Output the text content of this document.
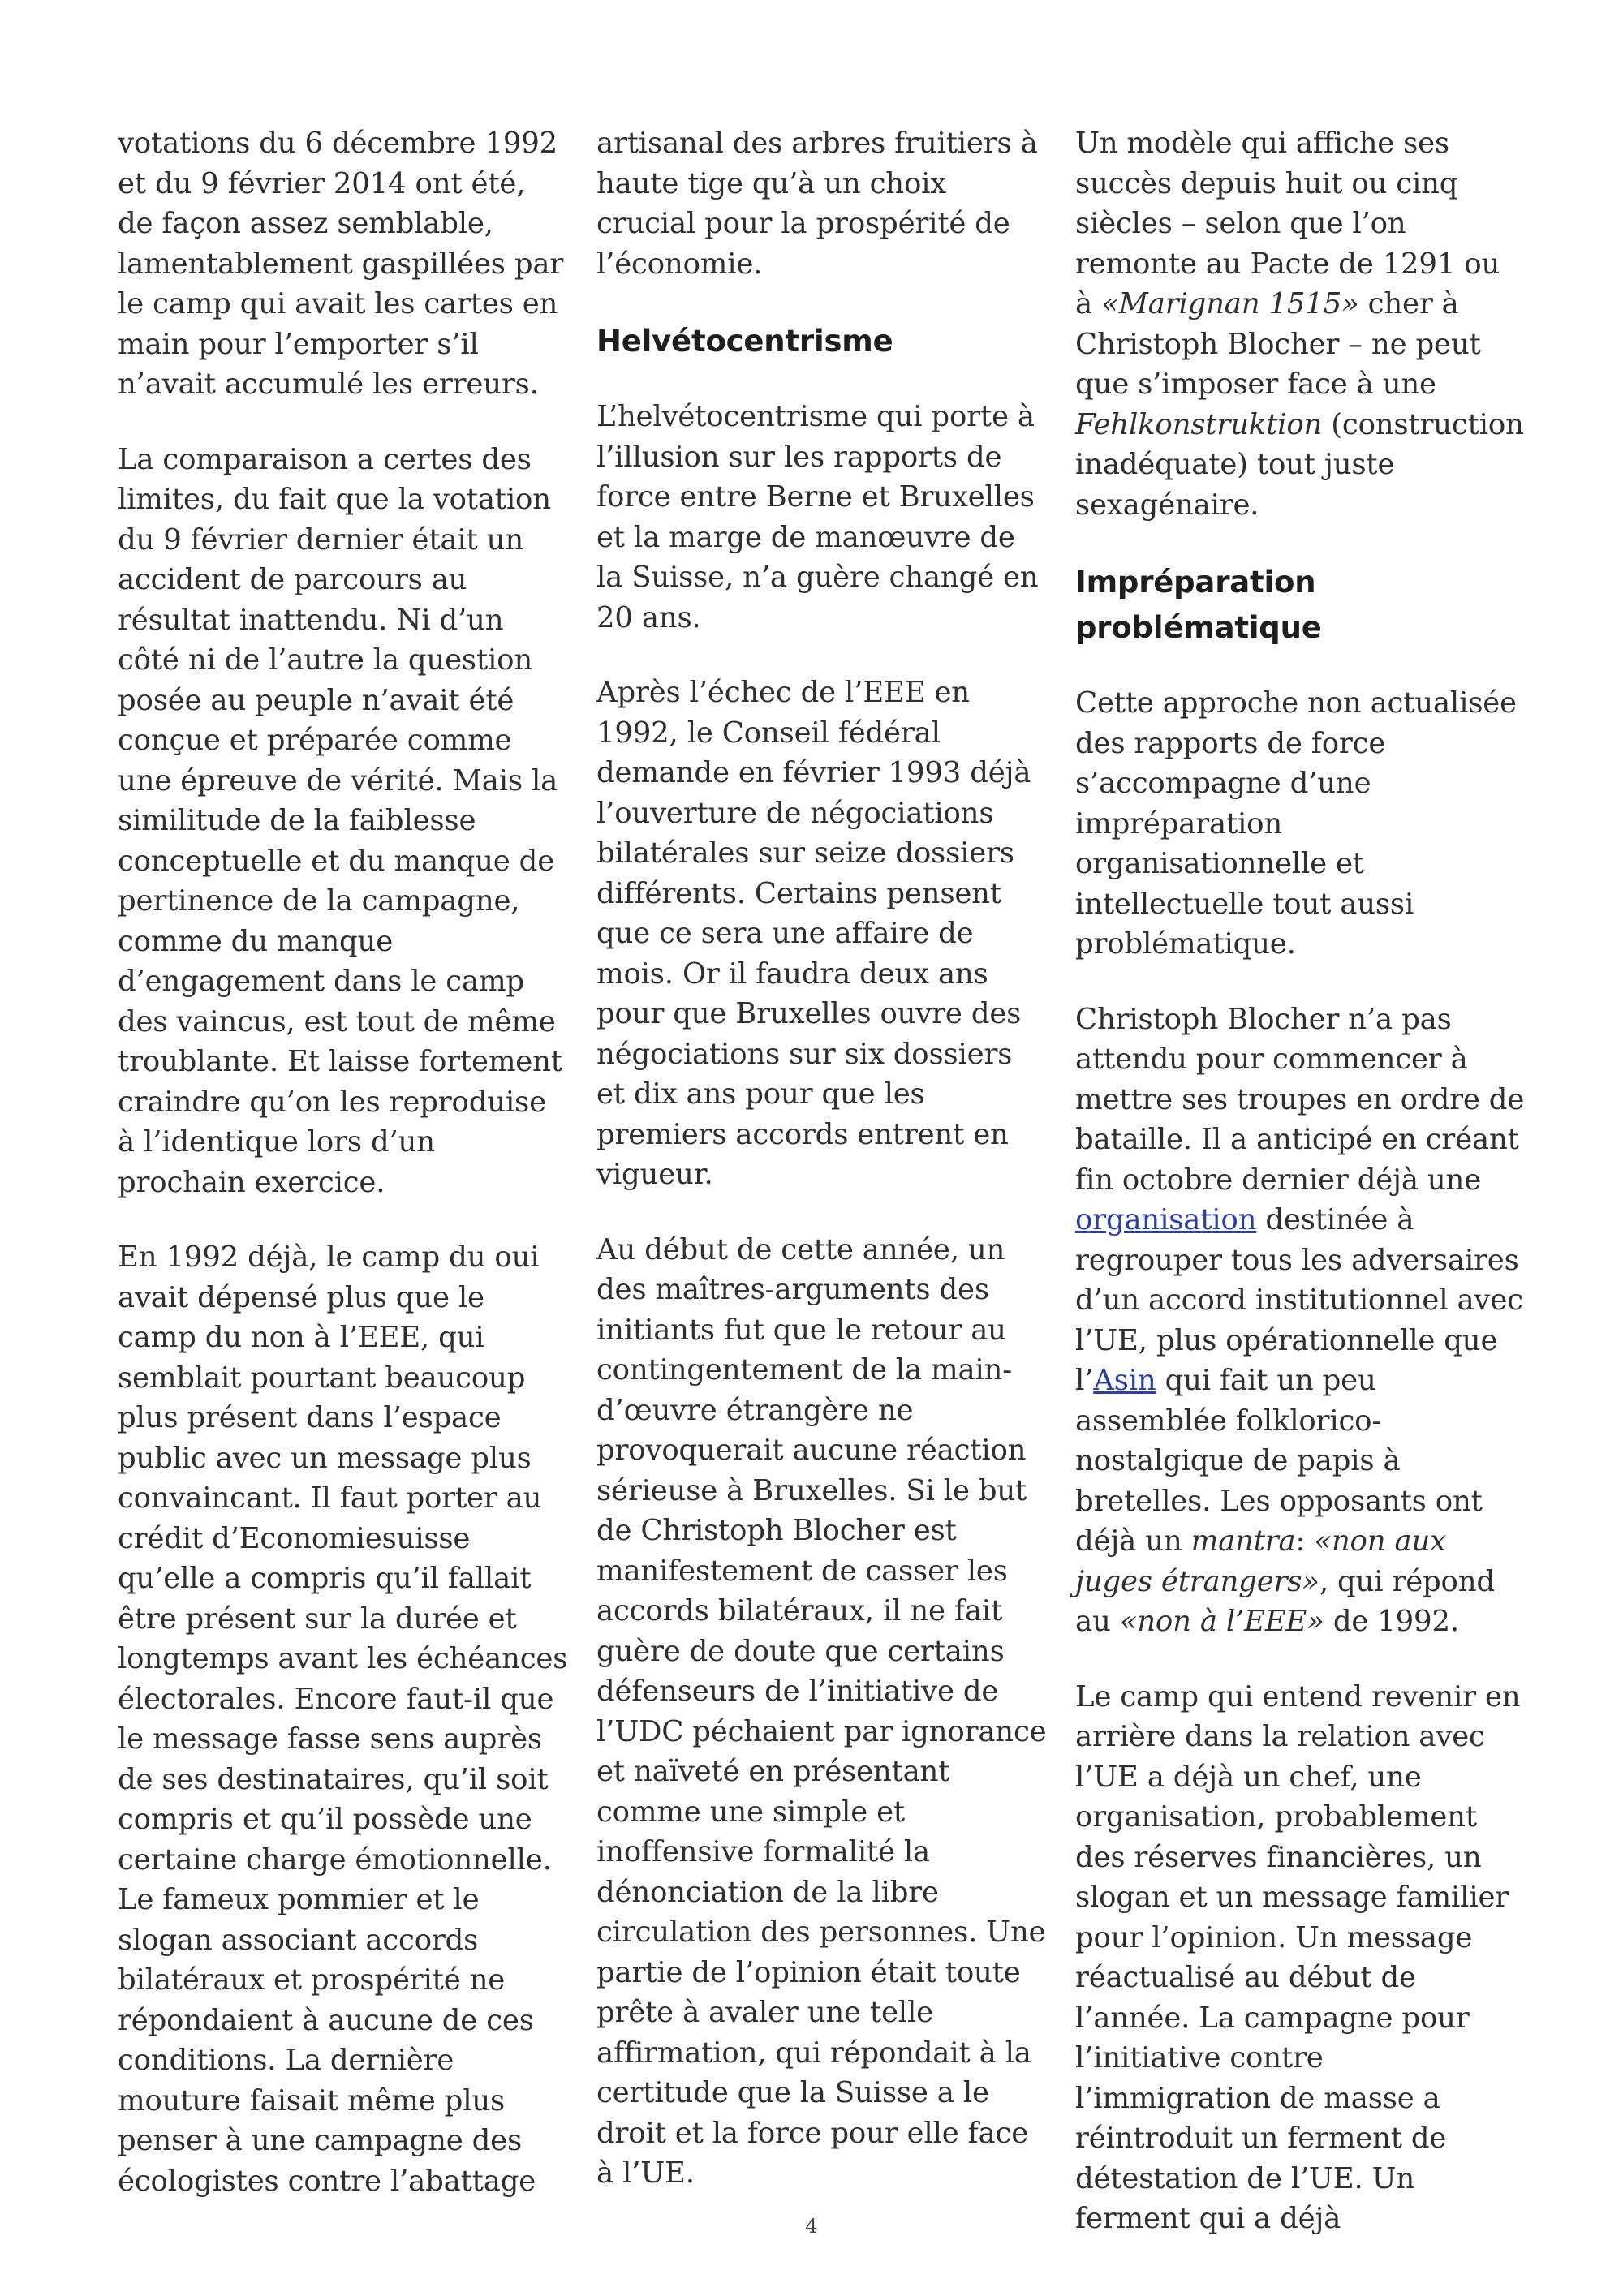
votations du 6 décembre 1992 et du 9 février 2014 ont été, de façon assez semblable, lamentablement gaspillées par le camp qui avait les cartes en main pour l’emporter s’il n’avait accumulé les erreurs.

La comparaison a certes des limites, du fait que la votation du 9 février dernier était un accident de parcours au résultat inattendu. Ni d’un côté ni de l’autre la question posée au peuple n’avait été conçue et préparée comme une épreuve de vérité. Mais la similitude de la faiblesse conceptuelle et du manque de pertinence de la campagne, comme du manque d’engagement dans le camp des vaincus, est tout de même troublante. Et laisse fortement craindre qu’on les reproduise à l’identique lors d’un prochain exercice.

En 1992 déjà, le camp du oui avait dépensé plus que le camp du non à l’EEE, qui semblait pourtant beaucoup plus présent dans l’espace public avec un message plus convaincant. Il faut porter au crédit d’Economiesuisse qu’elle a compris qu’il fallait être présent sur la durée et longtemps avant les échéances électorales. Encore faut-il que le message fasse sens auprès de ses destinataires, qu’il soit compris et qu’il possède une certaine charge émotionnelle. Le fameux pommier et le slogan associant accords bilatéraux et prospérité ne répondaient à aucune de ces conditions. La dernière mouture faisait même plus penser à une campagne des écologistes contre l’abattage

artisanal des arbres fruitiers à haute tige qu’à un choix crucial pour la prospérité de l’économie.

Helvétocentrisme

L’helvétocentrisme qui porte à l’illusion sur les rapports de force entre Berne et Bruxelles et la marge de manœuvre de la Suisse, n’a guère changé en 20 ans.

Après l’échec de l’EEE en 1992, le Conseil fédéral demande en février 1993 déjà l’ouverture de négociations bilatérales sur seize dossiers différents. Certains pensent que ce sera une affaire de mois. Or il faudra deux ans pour que Bruxelles ouvre des négociations sur six dossiers et dix ans pour que les premiers accords entrent en vigueur.

Au début de cette année, un des maîtres-arguments des initiants fut que le retour au contingentement de la main-d’œuvre étrangère ne provoquerait aucune réaction sérieuse à Bruxelles. Si le but de Christoph Blocher est manifestement de casser les accords bilatéraux, il ne fait guère de doute que certains défenseurs de l’initiative de l’UDC péchaient par ignorance et naïveté en présentant comme une simple et inoffensive formalité la dénonciation de la libre circulation des personnes. Une partie de l’opinion était toute prête à avaler une telle affirmation, qui répondait à la certitude que la Suisse a le droit et la force pour elle face à l’UE.

Un modèle qui affiche ses succès depuis huit ou cinq siècles – selon que l’on remonte au Pacte de 1291 ou à «Marignan 1515» cher à Christoph Blocher – ne peut que s’imposer face à une Fehlkonstruktion (construction inadéquate) tout juste sexagénaire.

Impréparation problématique

Cette approche non actualisée des rapports de force s’accompagne d’une impréparation organisationnelle et intellectuelle tout aussi problématique.

Christoph Blocher n’a pas attendu pour commencer à mettre ses troupes en ordre de bataille. Il a anticipé en créant fin octobre dernier déjà une organisation destinée à regrouper tous les adversaires d’un accord institutionnel avec l’UE, plus opérationnelle que l’Asin qui fait un peu assemblée folklorico-nostalgique de papis à bretelles. Les opposants ont déjà un mantra: «non aux juges étrangers», qui répond au «non à l’EEE» de 1992.

Le camp qui entend revenir en arrière dans la relation avec l’UE a déjà un chef, une organisation, probablement des réserves financières, un slogan et un message familier pour l’opinion. Un message réactualisé au début de l’année. La campagne pour l’initiative contre l’immigration de masse a réintroduit un ferment de détestation de l’UE. Un ferment qui a déjà

4
